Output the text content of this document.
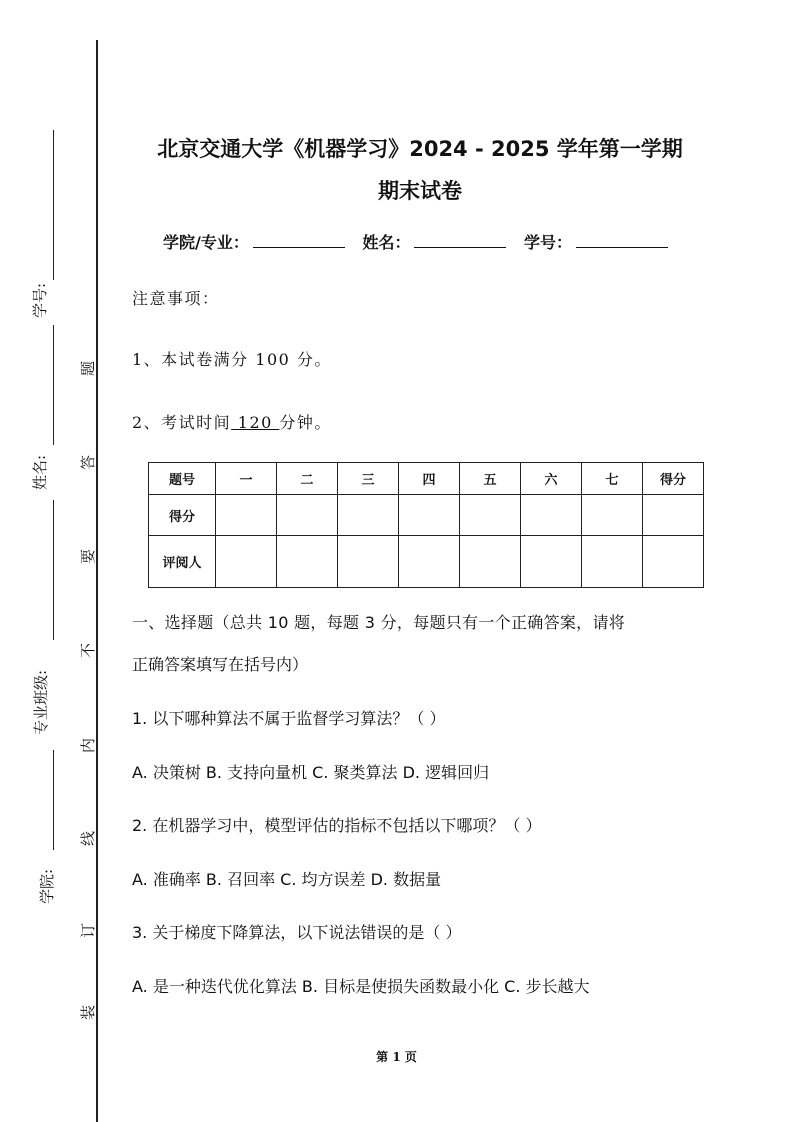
学号:
姓名:
专业班级:
学院:
题
答
要
不
内
线
订
装
北京交通大学《机器学习》2024 - 2025 学年第一学期
期末试卷
学院/专业：	姓名：	学号：
注意事项：
1、本试卷满分 100 分。
2、考试时间 120 分钟。
题号	一	二	三	四	五	六	七	得分
得分								
评阅人								
一、选择题（总共 10 题，每题 3 分，每题只有一个正确答案，请将
正确答案填写在括号内）
1. 以下哪种算法不属于监督学习算法？（ ）
A. 决策树 B. 支持向量机 C. 聚类算法 D. 逻辑回归
2. 在机器学习中，模型评估的指标不包括以下哪项？（ ）
A. 准确率 B. 召回率 C. 均方误差 D. 数据量
3. 关于梯度下降算法，以下说法错误的是（ ）
A. 是一种迭代优化算法 B. 目标是使损失函数最小化 C. 步长越大
第 1 页
